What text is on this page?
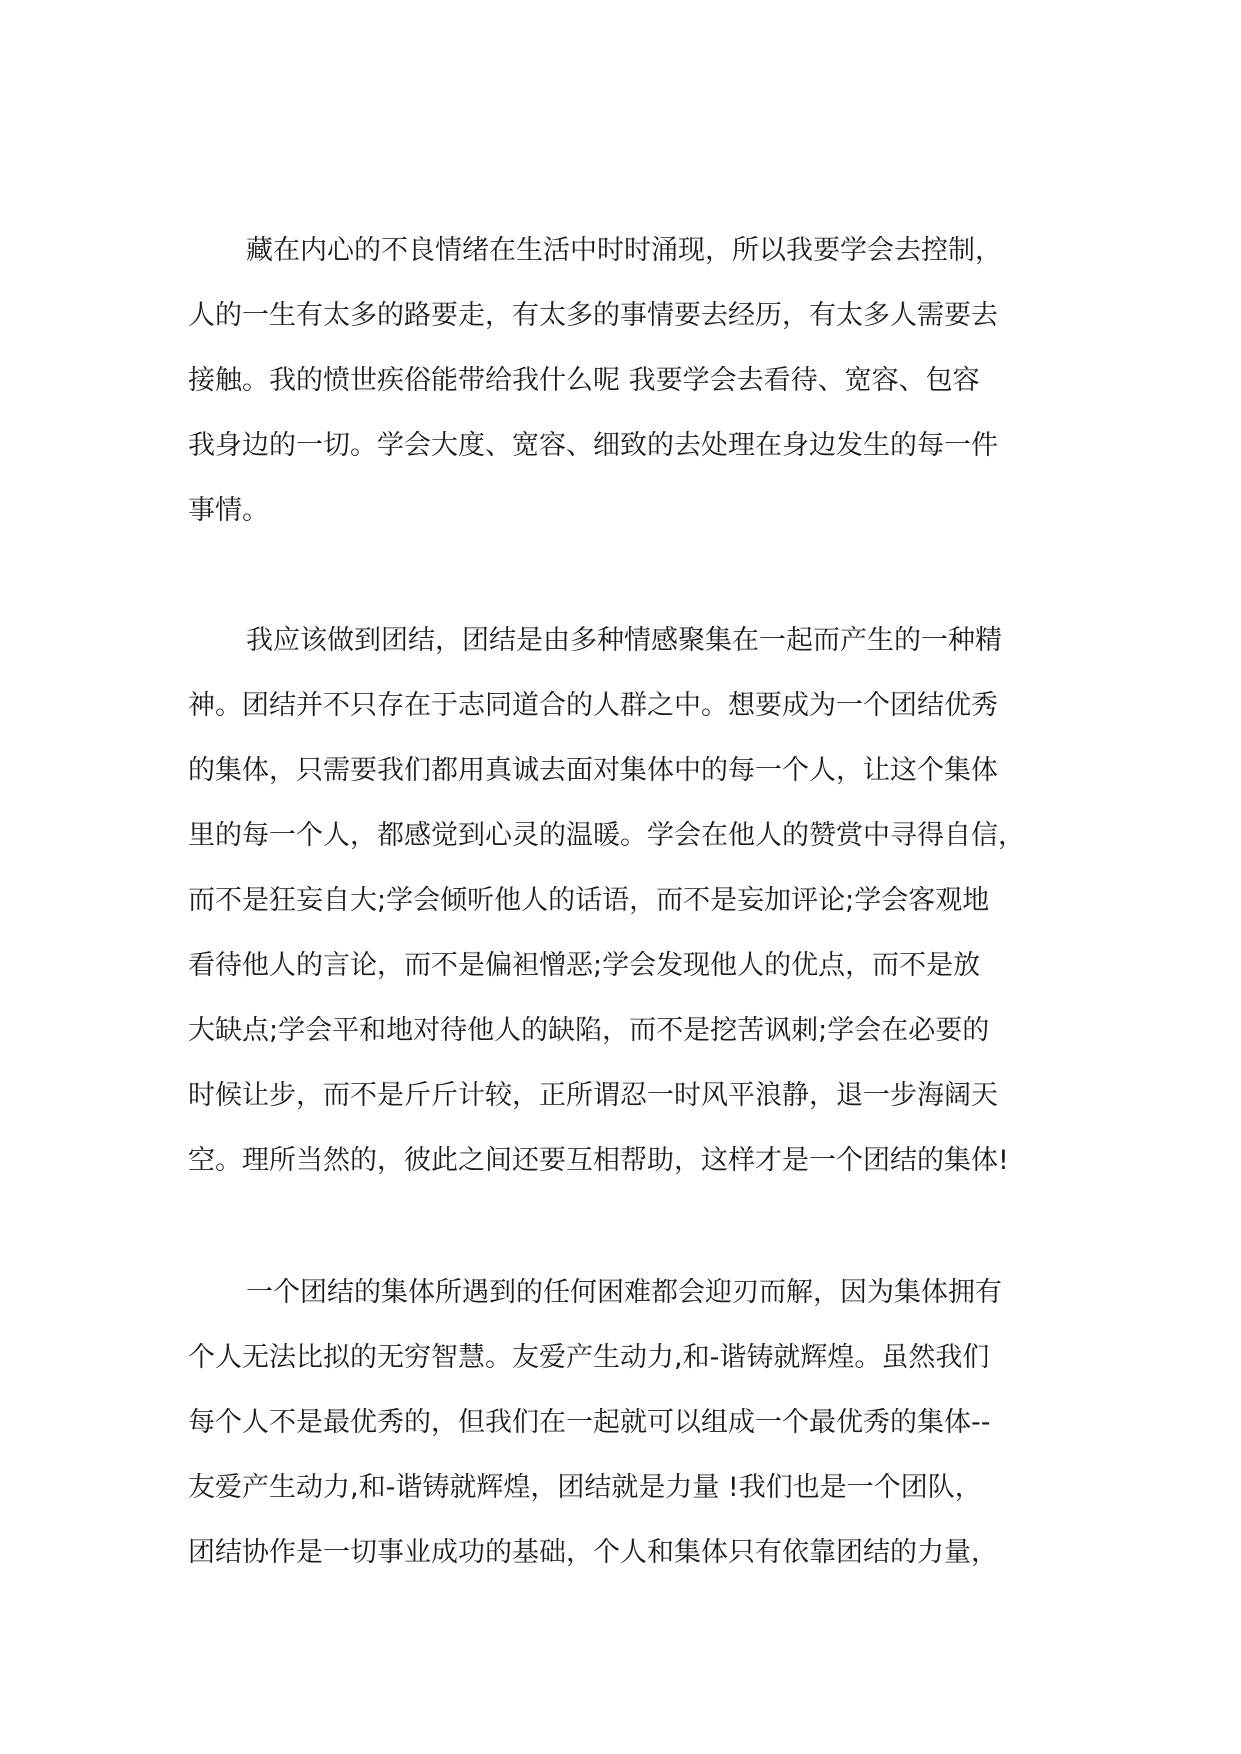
藏在内心的不良情绪在生活中时时涌现，所以我要学会去控制，
人的一生有太多的路要走，有太多的事情要去经历，有太多人需要去
接触。我的愤世疾俗能带给我什么呢 我要学会去看待、宽容、包容
我身边的一切。学会大度、宽容、细致的去处理在身边发生的每一件
事情。
我应该做到团结，团结是由多种情感聚集在一起而产生的一种精
神。团结并不只存在于志同道合的人群之中。想要成为一个团结优秀
的集体，只需要我们都用真诚去面对集体中的每一个人，让这个集体
里的每一个人，都感觉到心灵的温暖。学会在他人的赞赏中寻得自信，
而不是狂妄自大;学会倾听他人的话语，而不是妄加评论;学会客观地
看待他人的言论，而不是偏袒憎恶;学会发现他人的优点，而不是放
大缺点;学会平和地对待他人的缺陷，而不是挖苦讽刺;学会在必要的
时候让步，而不是斤斤计较，正所谓忍一时风平浪静，退一步海阔天
空。理所当然的，彼此之间还要互相帮助，这样才是一个团结的集体!
一个团结的集体所遇到的任何困难都会迎刃而解，因为集体拥有
个人无法比拟的无穷智慧。友爱产生动力,和-谐铸就辉煌。虽然我们
每个人不是最优秀的，但我们在一起就可以组成一个最优秀的集体--
友爱产生动力,和-谐铸就辉煌，团结就是力量 !我们也是一个团队，
团结协作是一切事业成功的基础，个人和集体只有依靠团结的力量，
